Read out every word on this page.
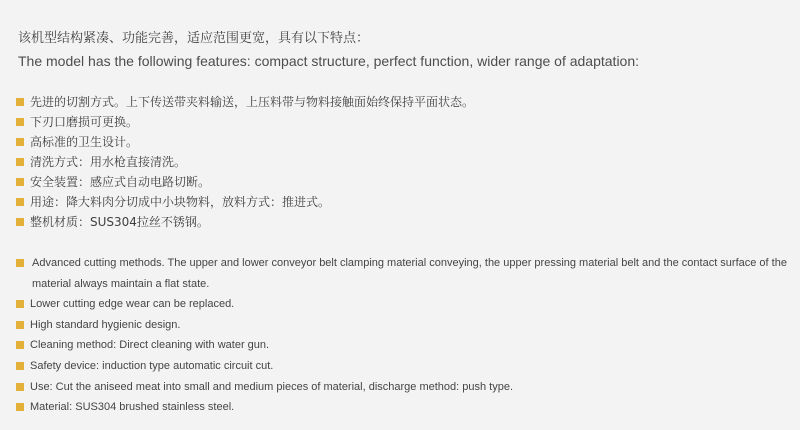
该机型结构紧凑、功能完善，适应范围更宽，具有以下特点：
The model has the following features: compact structure, perfect function, wider range of adaptation:
先进的切割方式。上下传送带夹料输送，上压料带与物料接触面始终保持平面状态。
下刃口磨损可更换。
高标准的卫生设计。
清洗方式：用水枪直接清洗。
安全装置：感应式自动电路切断。
用途：降大料肉分切成中小块物料，放料方式：推进式。
整机材质：SUS304拉丝不锈钢。
Advanced cutting methods. The upper and lower conveyor belt clamping material conveying, the upper pressing material belt and the contact surface of the material always maintain a flat state.
Lower cutting edge wear can be replaced.
High standard hygienic design.
Cleaning method: Direct cleaning with water gun.
Safety device: induction type automatic circuit cut.
Use: Cut the aniseed meat into small and medium pieces of material, discharge method: push type.
Material: SUS304 brushed stainless steel.
